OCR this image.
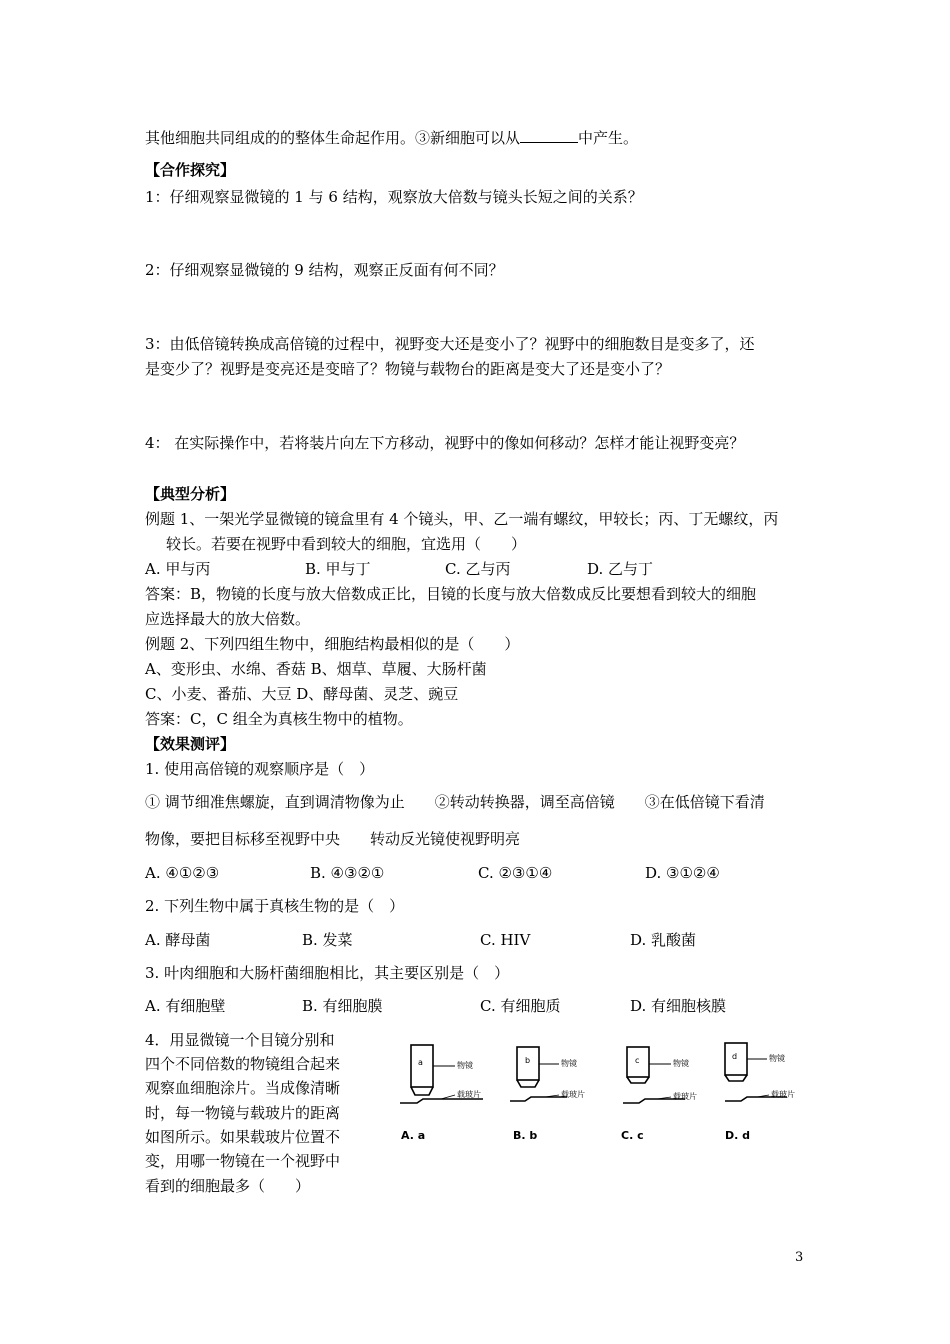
其他细胞共同组成的的整体生命起作用。③新细胞可以从	中产生。
【合作探究】
1：仔细观察显微镜的 1 与 6 结构，观察放大倍数与镜头长短之间的关系？
2：仔细观察显微镜的 9 结构，观察正反面有何不同？
3：由低倍镜转换成高倍镜的过程中，视野变大还是变小了？视野中的细胞数目是变多了，还
是变少了？视野是变亮还是变暗了？物镜与载物台的距离是变大了还是变小了？
4： 在实际操作中，若将装片向左下方移动，视野中的像如何移动？怎样才能让视野变亮？
【典型分析】
例题 1、一架光学显微镜的镜盒里有 4 个镜头，甲、乙一端有螺纹，甲较长；丙、丁无螺纹，丙
较长。若要在视野中看到较大的细胞，宜选用（　　）
A. 甲与丙	B. 甲与丁	C. 乙与丙	D. 乙与丁
答案：B，物镜的长度与放大倍数成正比，目镜的长度与放大倍数成反比要想看到较大的细胞
应选择最大的放大倍数。
例题 2、下列四组生物中，细胞结构最相似的是（　　）
A、变形虫、水绵、香菇 B、烟草、草履、大肠杆菌
C、小麦、番茄、大豆 D、酵母菌、灵芝、豌豆
答案：C，C 组全为真核生物中的植物。
【效果测评】
1. 使用高倍镜的观察顺序是（　）
① 调节细准焦螺旋，直到调清物像为止　　②转动转换器，调至高倍镜　　③在低倍镜下看清
物像，要把目标移至视野中央　　转动反光镜使视野明亮
A. ④①②③	B. ④③②①	C. ②③①④	D. ③①②④
2. 下列生物中属于真核生物的是（　）
A. 酵母菌	B. 发菜	C. HIV	D. 乳酸菌
3. 叶肉细胞和大肠杆菌细胞相比，其主要区别是（　）
A. 有细胞壁	B. 有细胞膜	C. 有细胞质	D. 有细胞核膜
4．用显微镜一个目镜分别和
四个不同倍数的物镜组合起来
观察血细胞涂片。当成像清晰
时，每一物镜与载玻片的距离
如图所示。如果载玻片位置不
变，用哪一物镜在一个视野中
看到的细胞最多（　　）
a	b	c	d
物镜	物镜	物镜
物镜
载玻片	载玻片	载玻片	载玻片
A. a	B. b	C. c	D. d
3
